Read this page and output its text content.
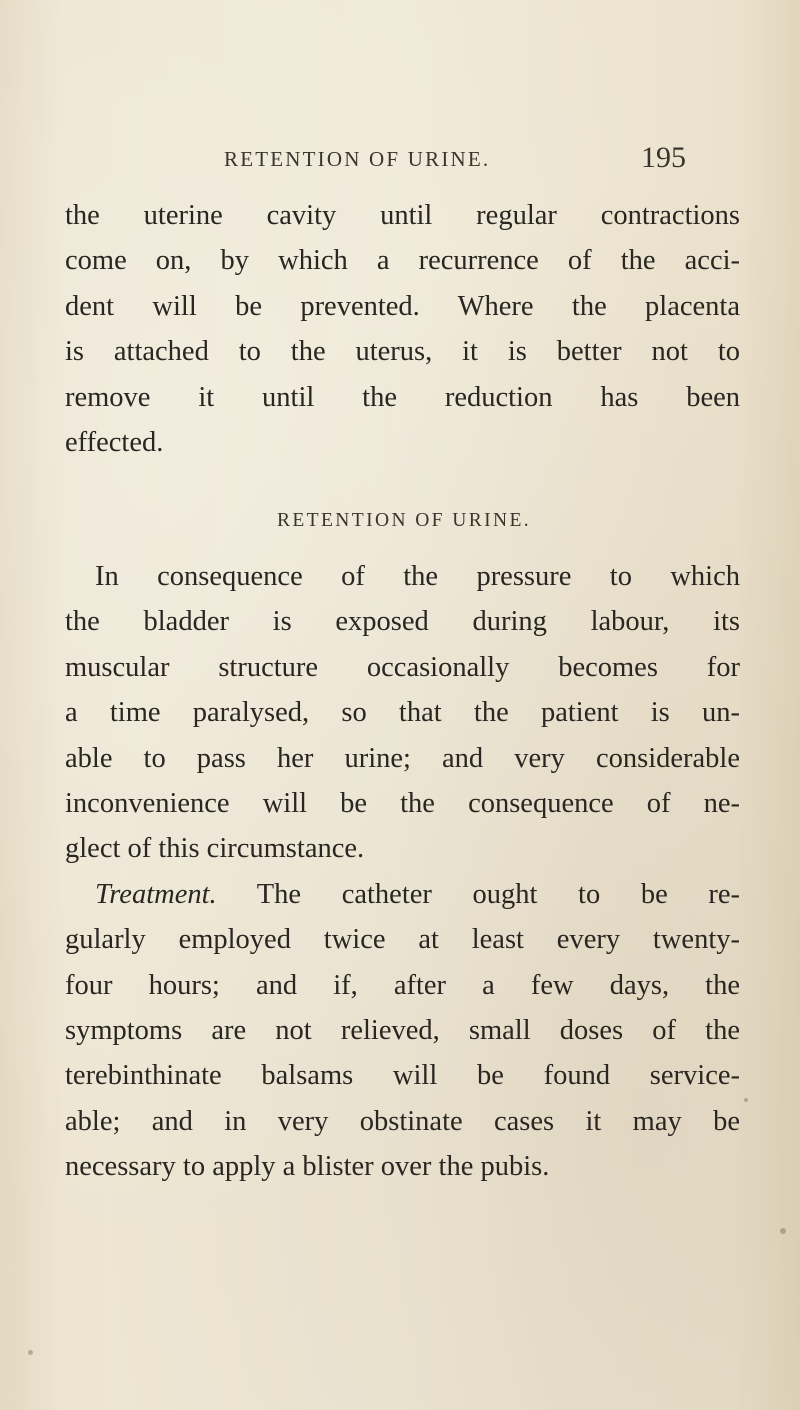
RETENTION OF URINE.	195
the uterine cavity until regular contractions
come on, by which a recurrence of the acci-
dent will be prevented. Where the placenta
is attached to the uterus, it is better not to
remove it until the reduction has been
effected.
RETENTION OF URINE.
In consequence of the pressure to which
the bladder is exposed during labour, its
muscular structure occasionally becomes for
a time paralysed, so that the patient is un-
able to pass her urine; and very considerable
inconvenience will be the consequence of ne-
glect of this circumstance.
Treatment. The catheter ought to be re-
gularly employed twice at least every twenty-
four hours; and if, after a few days, the
symptoms are not relieved, small doses of the
terebinthinate balsams will be found service-
able; and in very obstinate cases it may be
necessary to apply a blister over the pubis.
